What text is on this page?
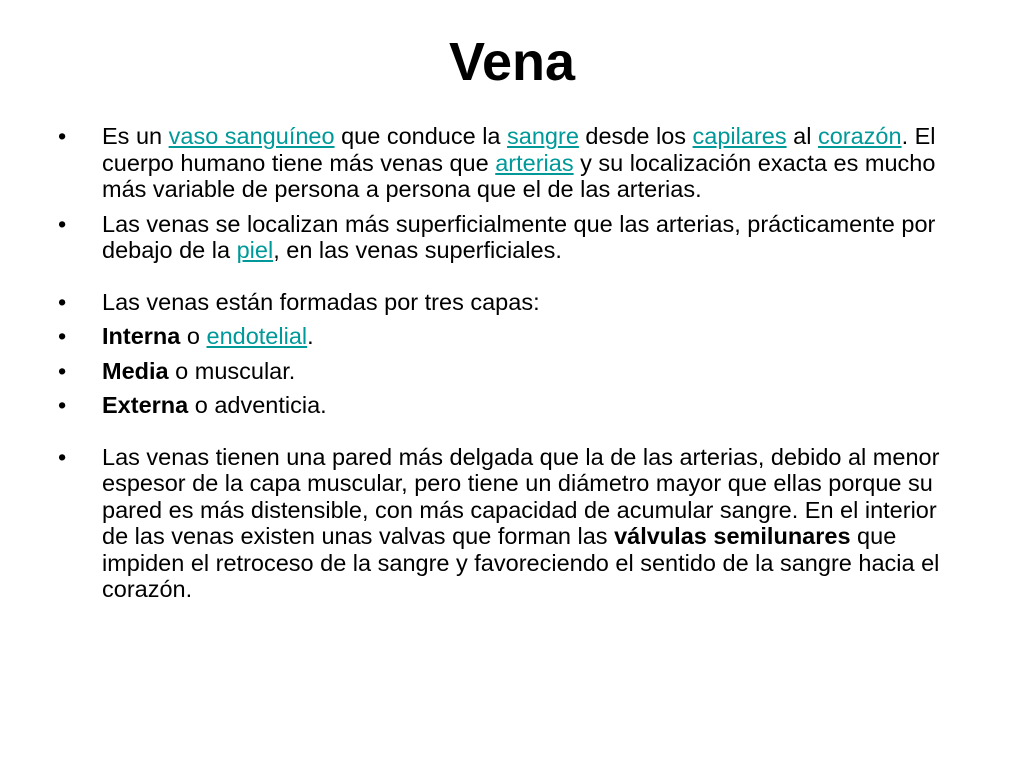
Vena
• Es un vaso sanguíneo que conduce la sangre desde los capilares al corazón. El cuerpo humano tiene más venas que arterias y su localización exacta es mucho más variable de persona a persona que el de las arterias.
• Las venas se localizan más superficialmente que las arterias, prácticamente por debajo de la piel, en las venas superficiales.
• Las venas están formadas por tres capas:
• Interna o endotelial.
• Media o muscular.
• Externa o adventicia.
• Las venas tienen una pared más delgada que la de las arterias, debido al menor espesor de la capa muscular, pero tiene un diámetro mayor que ellas porque su pared es más distensible, con más capacidad de acumular sangre. En el interior de las venas existen unas valvas que forman las válvulas semilunares que impiden el retroceso de la sangre y favoreciendo el sentido de la sangre hacia el corazón.
